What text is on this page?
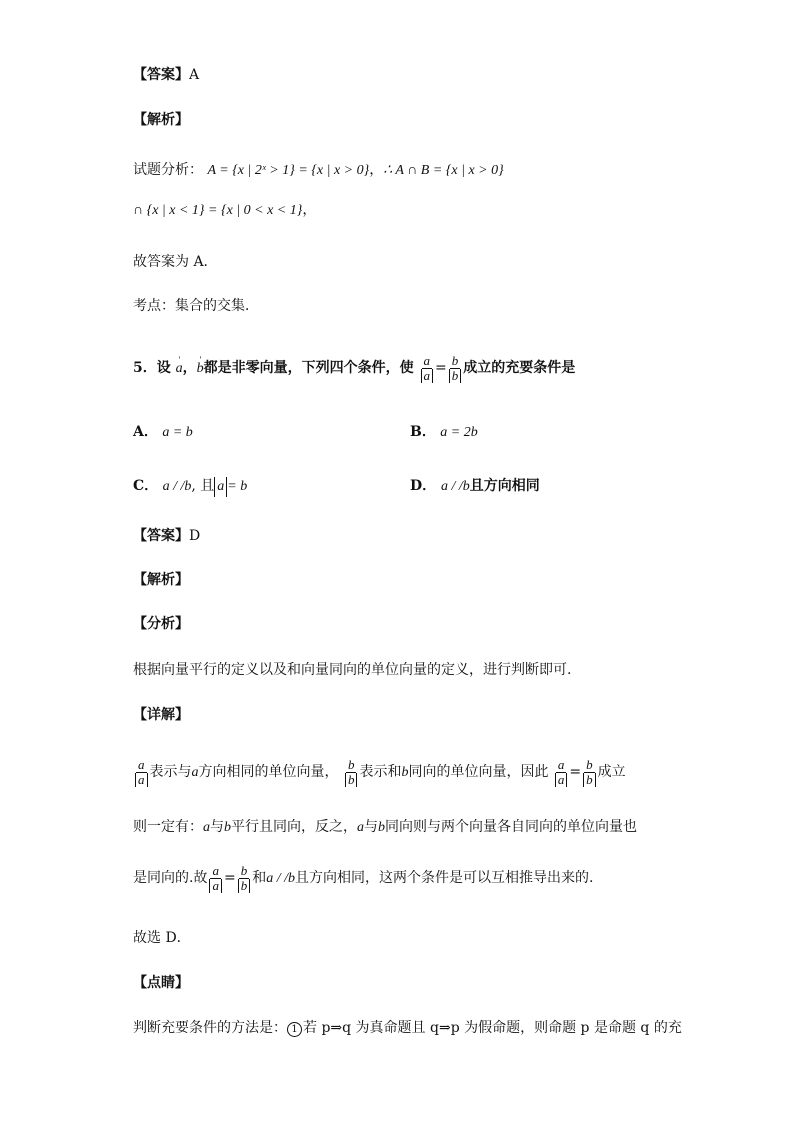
【答案】A
【解析】
试题分析： A = {x | 2ˣ > 1} = {x | x > 0}，∴ A ∩ B = {x | x > 0}
∩ {x | x < 1} = {x | 0 < x < 1}，
故答案为 A．
考点：集合的交集．
5．设 ' a，' b都是非零向量，下列四个条件，使 $\frac{a}{a} = \frac{b}{b}$ 成立的充要条件是
A． a = b	B． a = 2b
C． a / /b, 且 a = b	D． a / /b且方向相同
【答案】D
【解析】
【分析】
根据向量平行的定义以及和向量同向的单位向量的定义，进行判断即可.
【详解】
$\frac{a}{a}$ 表示与a方向相同的单位向量， $\frac{b}{b}$ 表示和b同向的单位向量，因此 $\frac{a}{a} = \frac{b}{b}$ 成立
则一定有：a与b平行且同向，反之，a与b同向则与两个向量各自同向的单位向量也
是同向的.故 $\frac{a}{a} = \frac{b}{b}$ 和a / /b且方向相同，这两个条件是可以互相推导出来的.
故选 D．
【点睛】
判断充要条件的方法是： 1 若 p⇒q 为真命题且 q⇒p 为假命题，则命题 p 是命题 q 的充
